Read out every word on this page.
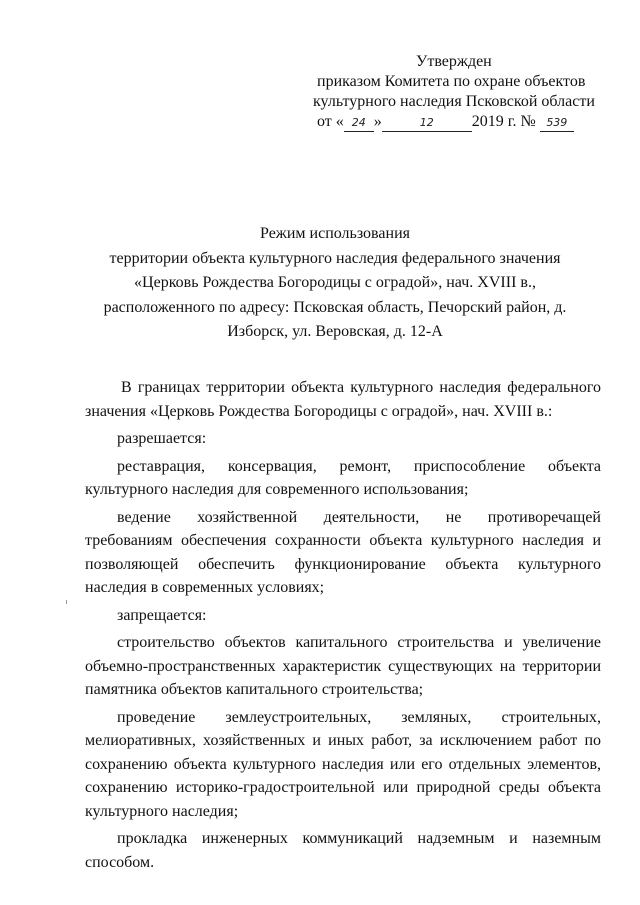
Утвержден
приказом Комитета по охране объектов
культурного наследия Псковской области
от « 24 »	12 2019 г. № 539
Режим использования
территории объекта культурного наследия федерального значения
«Церковь Рождества Богородицы с оградой», нач. XVIII в.,
расположенного по адресу: Псковская область, Печорский район, д.
Изборск, ул. Веровская, д. 12-А

В границах территории объекта культурного наследия федерального значения «Церковь Рождества Богородицы с оградой», нач. XVIII в.:

разрешается:

реставрация, консервация, ремонт, приспособление объекта культурного наследия для современного использования;

ведение хозяйственной деятельности, не противоречащей требованиям обеспечения сохранности объекта культурного наследия и позволяющей обеспечить функционирование объекта культурного наследия в современных условиях;

запрещается:

строительство объектов капитального строительства и увеличение объемно-пространственных характеристик существующих на территории памятника объектов капитального строительства;

проведение землеустроительных, земляных, строительных, мелиоративных, хозяйственных и иных работ, за исключением работ по сохранению объекта культурного наследия или его отдельных элементов, сохранению историко-градостроительной или природной среды объекта культурного наследия;

прокладка инженерных коммуникаций надземным и наземным способом.
